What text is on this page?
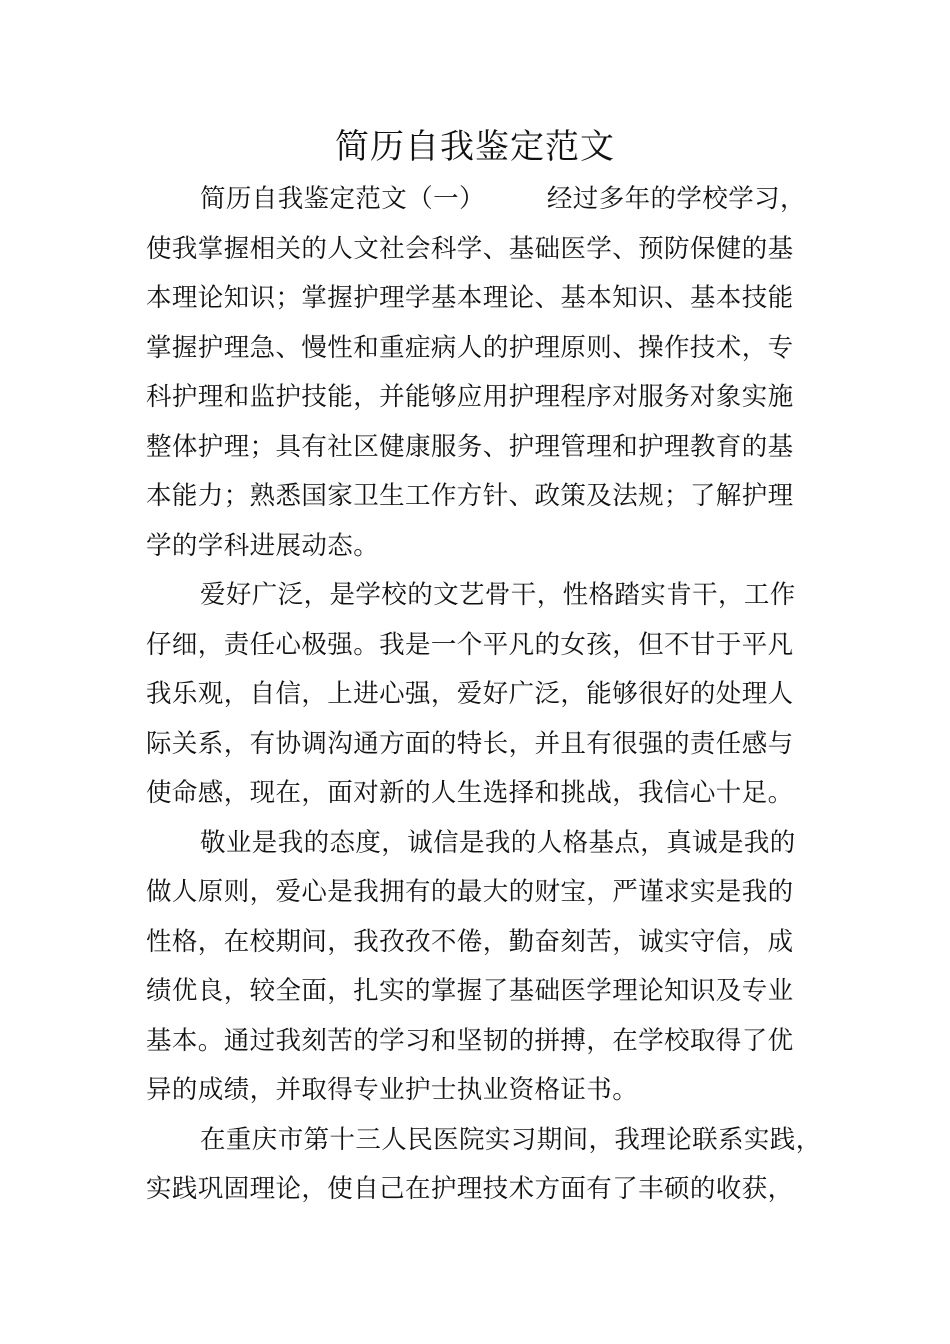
简历自我鉴定范文
简历自我鉴定范文（一） 经过多年的学校学习，
使我掌握相关的人文社会科学、基础医学、预防保健的基
本理论知识；掌握护理学基本理论、基本知识、基本技能
掌握护理急、慢性和重症病人的护理原则、操作技术，专
科护理和监护技能，并能够应用护理程序对服务对象实施
整体护理；具有社区健康服务、护理管理和护理教育的基
本能力；熟悉国家卫生工作方针、政策及法规；了解护理
学的学科进展动态。
爱好广泛，是学校的文艺骨干，性格踏实肯干，工作
仔细，责任心极强。我是一个平凡的女孩，但不甘于平凡
我乐观，自信，上进心强，爱好广泛，能够很好的处理人
际关系，有协调沟通方面的特长，并且有很强的责任感与
使命感，现在，面对新的人生选择和挑战，我信心十足。
敬业是我的态度，诚信是我的人格基点，真诚是我的
做人原则，爱心是我拥有的最大的财宝，严谨求实是我的
性格，在校期间，我孜孜不倦，勤奋刻苦，诚实守信，成
绩优良，较全面，扎实的掌握了基础医学理论知识及专业
基本。通过我刻苦的学习和坚韧的拼搏，在学校取得了优
异的成绩，并取得专业护士执业资格证书。
在重庆市第十三人民医院实习期间，我理论联系实践，
实践巩固理论，使自己在护理技术方面有了丰硕的收获，
